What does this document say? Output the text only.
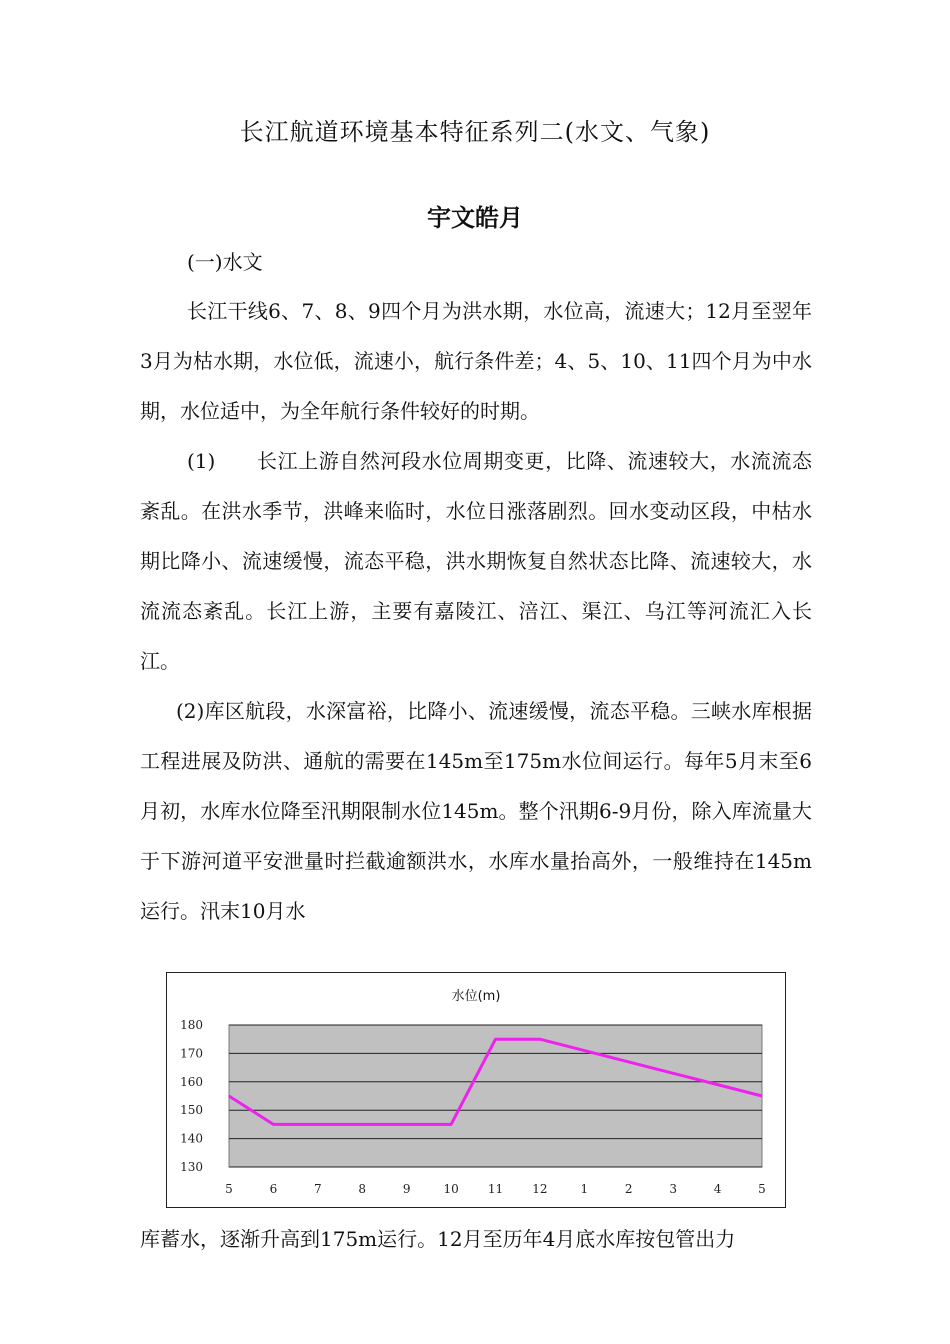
长江航道环境基本特征系列二(水文、气象)
宇文皓月

(一)水文

长江干线6、7、8、9四个月为洪水期，水位高，流速大；12月至翌年3月为枯水期，水位低，流速小，航行条件差；4、5、10、11四个月为中水期，水位适中，为全年航行条件较好的时期。

(1)　　长江上游自然河段水位周期变更，比降、流速较大，水流流态紊乱。在洪水季节，洪峰来临时，水位日涨落剧烈。回水变动区段，中枯水期比降小、流速缓慢，流态平稳，洪水期恢复自然状态比降、流速较大，水流流态紊乱。长江上游，主要有嘉陵江、涪江、渠江、乌江等河流汇入长江。

(2)库区航段，水深富裕，比降小、流速缓慢，流态平稳。三峡水库根据工程进展及防洪、通航的需要在145m至175m水位间运行。每年5月末至6月初，水库水位降至汛期限制水位145m。整个汛期6-9月份，除入库流量大于下游河道平安泄量时拦截逾额洪水，水库水量抬高外，一般维持在145m运行。汛末10月水

水位(m)
180
170
160
150
140
130
5	6	7	8	9	10 11 12	1	2	3	4	5

库蓄水，逐渐升高到175m运行。12月至历年4月底水库按包管出力
